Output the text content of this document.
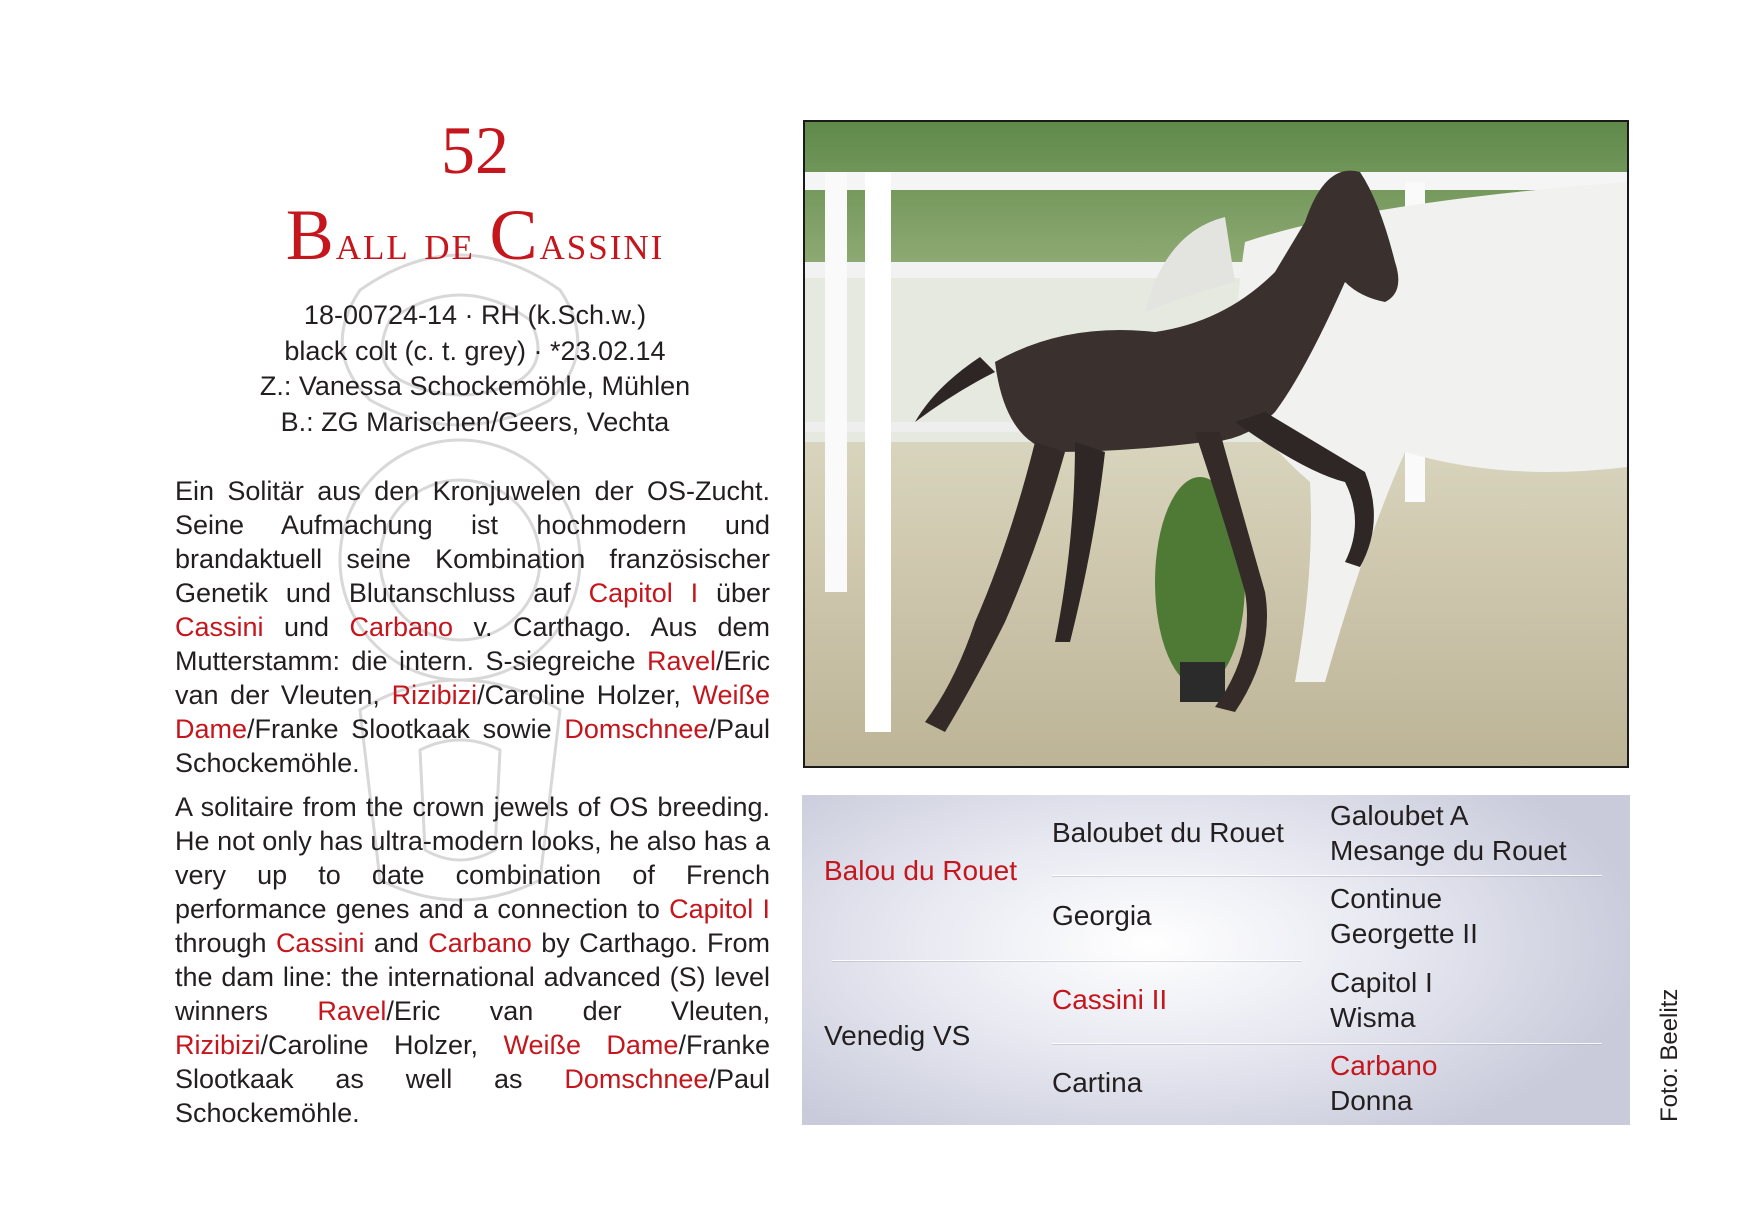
52
Ball de Cassini
18-00724-14 · RH (k.Sch.w.)
black colt (c. t. grey) · *23.02.14
Z.: Vanessa Schockemöhle, Mühlen
B.: ZG Marischen/Geers, Vechta
Ein Solitär aus den Kronjuwelen der OS-Zucht. Seine Aufmachung ist hochmodern und brandaktuell seine Kombination französischer Genetik und Blutanschluss auf Capitol I über Cassini und Carbano v. Carthago. Aus dem Mutterstamm: die intern. S-siegreiche Ravel/Eric van der Vleuten, Rizibizi/Caroline Holzer, Weiße Dame/Franke Slootkaak sowie Domschnee/Paul Schockemöhle.
A solitaire from the crown jewels of OS breeding. He not only has ultra-modern looks, he also has a very up to date combination of French performance genes and a connection to Capitol I through Cassini and Carbano by Carthago. From the dam line: the international advanced (S) level winners Ravel/Eric van der Vleuten, Rizibizi/Caroline Holzer, Weiße Dame/Franke Slootkaak as well as Domschnee/Paul Schockemöhle.
Balou du Rouet
Venedig VS
Baloubet du Rouet
Georgia
Cassini II
Cartina
Galoubet A
Mesange du Rouet
Continue
Georgette II
Capitol I
Wisma
Carbano
Donna	Foto: Beelitz
